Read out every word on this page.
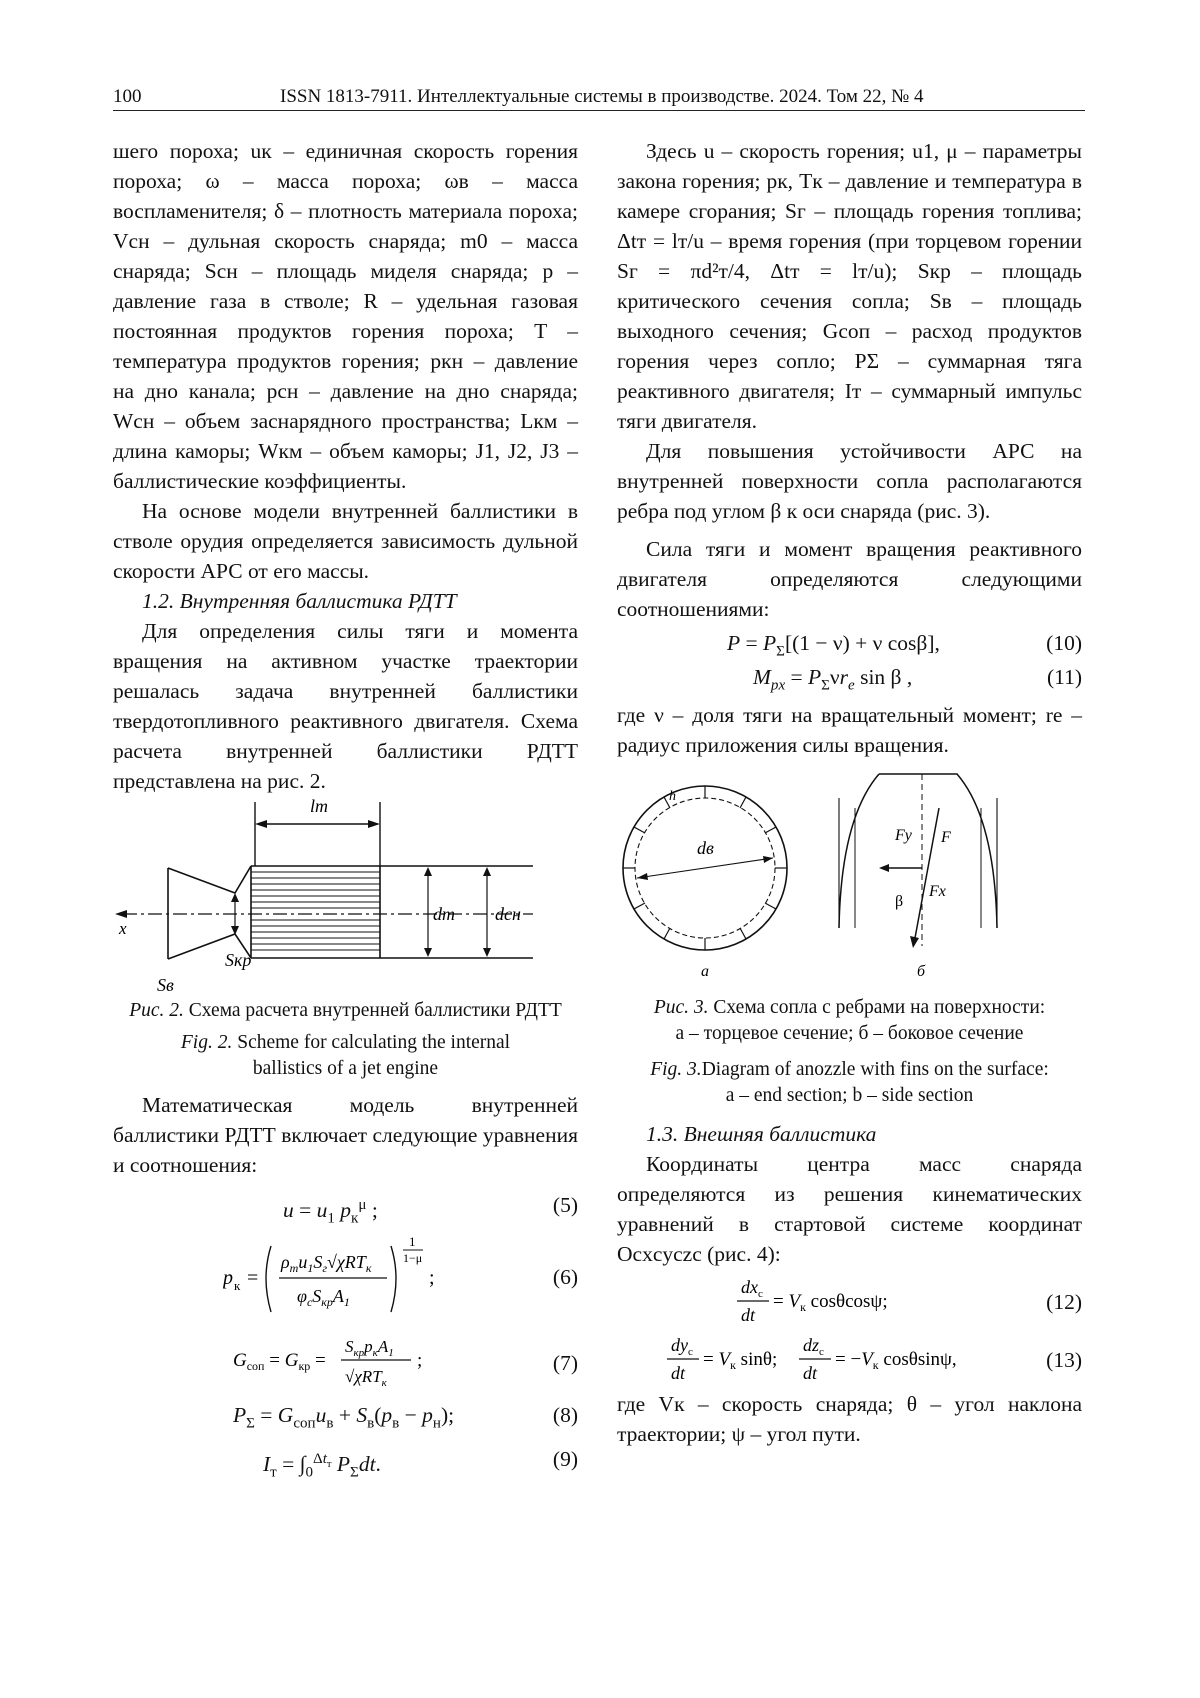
100	ISSN 1813-7911. Интеллектуальные системы в производстве. 2024. Том 22, № 4

шего пороха; uк – единичная скорость горения пороха; ω – масса пороха; ωв – масса воспламенителя; δ – плотность материала пороха; Vсн – дульная скорость снаряда; m0 – масса снаряда; Sсн – площадь миделя снаряда; p – давление газа в стволе; R – удельная газовая постоянная продуктов горения пороха; T – температура продуктов горения; pкн – давление на дно канала; pсн – давление на дно снаряда; Wсн – объем заснарядного пространства; Lкм – длина каморы; Wкм – объем каморы; J1, J2, J3 – баллистические коэффициенты.

На основе модели внутренней баллистики в стволе орудия определяется зависимость дульной скорости АРС от его массы.

1.2. Внутренняя баллистика РДТТ

Для определения силы тяги и момента вращения на активном участке траектории решалась задача внутренней баллистики твердотопливного реактивного двигателя. Схема расчета внутренней баллистики РДТТ представлена на рис. 2.

lт
x
dт dсн
Sкр
Sв

Рис. 2. Схема расчета внутренней баллистики РДТТ

Fig. 2. Scheme for calculating the internal ballistics of a jet engine

Математическая модель внутренней баллистики РДТТ включает следующие уравнения и соотношения:

$u = u_1$ $p_к^\mu$ ;	(5)
p к =
$\rho_тu_1S_г√\chi RT_к$
$\varphi_сS_{кр}A_1$
1
1−μ
;	(6)
$G_{соп} = G_{кр}$ =
$S_{кр}p_кA_1$
√χRT$_к$
;	(7)
$P_\Sigma = G_{соп}u_в + S_в(p_в - p_н)$;	(8)
$I_т = \int_0^{\Delta t_т}$ $P_\Sigma dt$.	(9)

Здесь u – скорость горения; u1, μ – параметры закона горения; pк, Tк – давление и температура в камере сгорания; Sг – площадь горения топлива; Δtт = lт/u – время горения (при торцевом горении Sг = πd²т/4, Δtт = lт/u); Sкр – площадь критического сечения сопла; Sв – площадь выходного сечения; Gсоп – расход продуктов горения через сопло; PΣ – суммарная тяга реактивного двигателя; Iт – суммарный импульс тяги двигателя.

Для повышения устойчивости АРС на внутренней поверхности сопла располагаются ребра под углом β к оси снаряда (рис. 3).

Сила тяги и момент вращения реактивного двигателя определяются следующими соотношениями:

$P = P_\Sigma[(1 - \nu) + \nu$ cosβ],	(10)
$M_{px} = P_\Sigma\nu r_e$ sin β ,	(11)

где ν – доля тяги на вращательный момент; re – радиус приложения силы вращения.

dв
h
а
Fy F
Fx
β
б

Рис. 3. Схема сопла с ребрами на поверхности:
а – торцевое сечение; б – боковое сечение

Fig. 3.Diagram of anozzle with fins on the surface:
a – end section; b – side section

1.3. Внешняя баллистика

Координаты центра масс снаряда определяются из решения кинематических уравнений в стартовой системе координат Ocxcyczc (рис. 4):

$dx_с$
dt
= $V_к$ cosθcosψ;	(12)
$dy_с$
dt
= $V_к$ sinθ;
$dz_с$
dt
= $-V_к$ cosθsinψ,	(13)

где Vк – скорость снаряда; θ – угол наклона траектории; ψ – угол пути.
